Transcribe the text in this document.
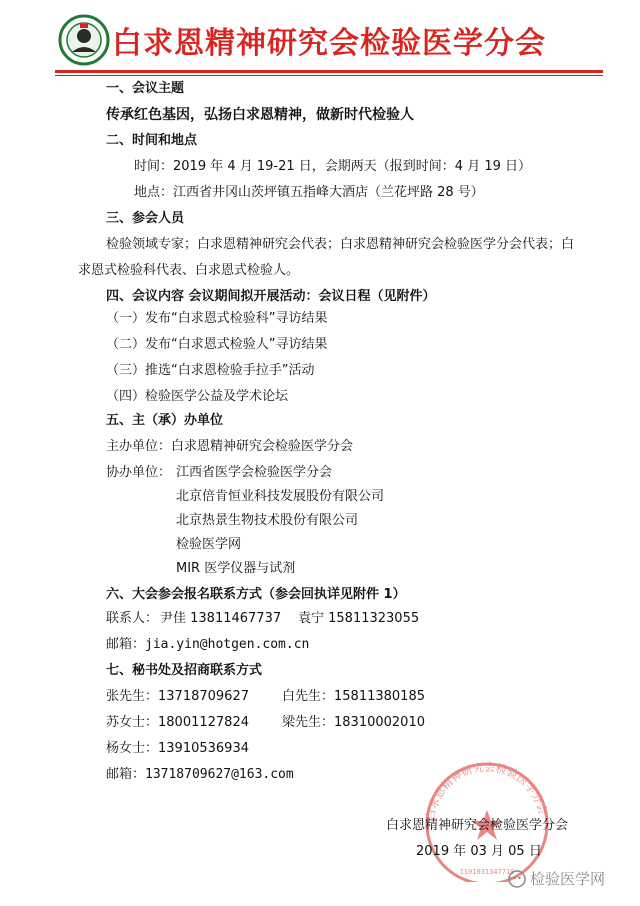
白求恩精神研究会检验医学分会
一、会议主题
传承红色基因，弘扬白求恩精神，做新时代检验人
二、时间和地点
时间：2019 年 4 月 19-21 日，会期两天（报到时间：4 月 19 日）
地点：江西省井冈山茨坪镇五指峰大酒店（兰花坪路 28 号）
三、参会人员
检验领域专家；白求恩精神研究会代表；白求恩精神研究会检验医学分会代表；白
求恩式检验科代表、白求恩式检验人。
四、会议内容 会议期间拟开展活动：会议日程（见附件）
（一）发布“白求恩式检验科”寻访结果
（二）发布“白求恩式检验人”寻访结果
（三）推选“白求恩检验手拉手”活动
（四）检验医学公益及学术论坛
五、主（承）办单位
主办单位：白求恩精神研究会检验医学分会
协办单位： 江西省医学会检验医学分会
北京倍肯恒业科技发展股份有限公司
北京热景生物技术股份有限公司
检验医学网
MIR 医学仪器与试剂
六、大会参会报名联系方式（参会回执详见附件 1）
联系人： 尹佳 13811467737 袁宁 15811323055
邮箱：jia.yin@hotgen.com.cn
七、秘书处及招商联系方式
张先生：13718709627	白先生：15811380185
苏女士：18001127824	梁先生：18310002010
杨女士：13910536934
邮箱：13718709627@163.com
白求恩精神研究会检验医学分会
1101031347710
白求恩精神研究会检验医学分会
2019 年 03 月 05 日
检验医学网
